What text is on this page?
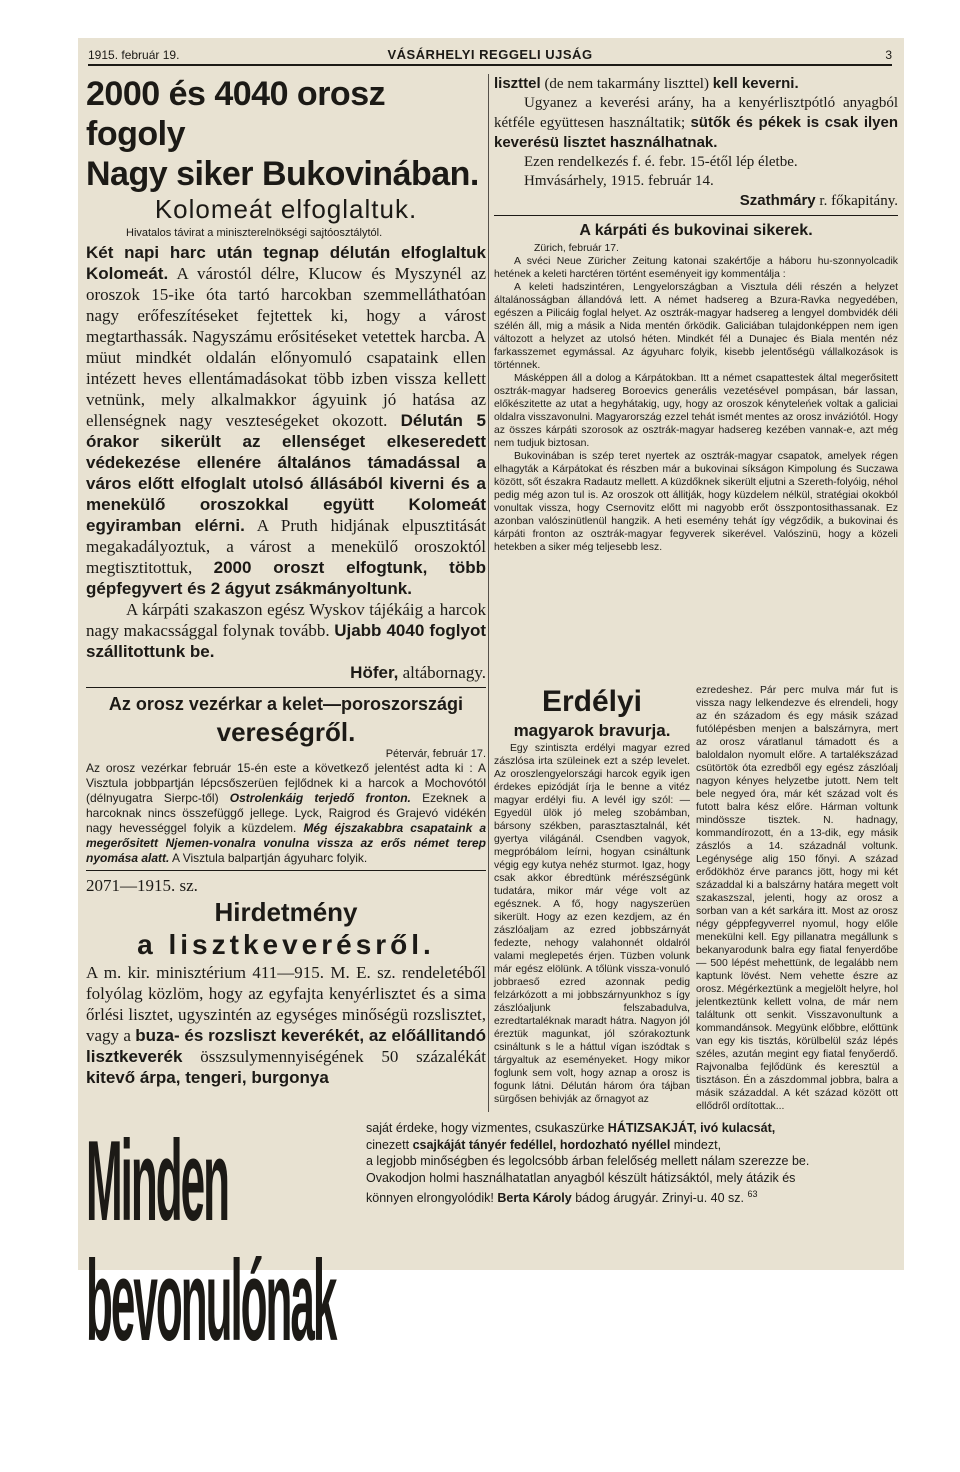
1915. február 19.	VÁSÁRHELYI REGGELI UJSÁG	3
2000 és 4040 orosz fogoly
Nagy siker Bukovinában.
Kolomeát elfoglaltuk.
Hivatalos távirat a miniszterelnökségi sajtóosztálytól.

Két napi harc után tegnap délután elfoglaltuk Kolomeát. A várostól délre, Klucow és Myszynél az oroszok 15-ike óta tartó harcokban szemmelláthatóan nagy erőfeszítéseket fejtettek ki, hogy a várost megtarthassák. Nagyszámu erősitéseket vetettek harcba. A müut mindkét oldalán előnyomuló csapataink ellen intézett heves ellentámadásokat több izben vissza kellett vetnünk, mely alkalmakkor ágyuink jó hatása az ellenségnek nagy veszteségeket okozott. Délután 5 órakor sikerült az ellenséget elkeseredett védekezése ellenére általános támadással a város előtt elfoglalt utolsó állásából kiverni és a menekülő oroszokkal együtt Kolomeát egyiramban elérni. A Pruth hidjának elpusztitását megakadályoztuk, a várost a menekülő oroszoktól megtisztitottuk, 2000 oroszt elfogtunk, több gépfegyvert és 2 ágyut zsákmányoltunk.

A kárpáti szakaszon egész Wyskov tájékáig a harcok nagy makacssággal folynak tovább. Ujabb 4040 foglyot szállitottunk be.

Höfer, altábornagy.

Az orosz vezérkar a kelet—poroszországi
vereségről.
Pétervár, február 17.

Az orosz vezérkar február 15-én este a következő jelentést adta ki : A Visztula jobbpartján lépcsőszerüen fejlődnek ki a harcok a Mochovótól (délnyugatra Sierpc-től) Ostrolenkáig terjedő fronton. Ezeknek a harcoknak nincs összefüggő jellege. Lyck, Raigrod és Grajevó vidékén nagy hevességgel folyik a küzdelem. Még éjszakabbra csapataink a megerősitett Njemen-vonalra vonulna vissza az erős német terep nyomása alatt. A Visztula balpartján ágyuharc folyik.

2071—1915. sz.
Hirdetmény
a lisztkeverésről.

A m. kir. minisztérium 411—915. M. E. sz. rendeletéből folyólag közlöm, hogy az egyfajta kenyérlisztet és a sima őrlési lisztet, ugyszintén az egységes minőségü rozslisztet, vagy a buza- és rozsliszt keverékét, az előállitandó lisztkeverék összsulymennyiségének 50 százalékát kitevő árpa, tengeri, burgonya

liszttel (de nem takarmány liszttel) kell keverni.

Ugyanez a keverési arány, ha a kenyérlisztpótló anyagból kétféle együttesen használtatik; sütők és pékek is csak ilyen keverésü lisztet használhatnak.

Ezen rendelkezés f. é. febr. 15-étől lép életbe.

Hmvásárhely, 1915. február 14.

Szathmáry r. főkapitány.

A kárpáti és bukovinai sikerek.
Zürich, február 17.

A svéci Neue Züricher Zeitung katonai szakértője a háboru hu-szonnyolcadik hetének a keleti harctéren történt eseményeit igy kommentálja :

A keleti hadszintéren, Lengyelországban a Visztula déli részén a helyzet általánosságban állandóvá lett. A német hadsereg a Bzura-Ravka negyedében, egészen a Pilicáig foglal helyet. Az osztrák-magyar hadsereg a lengyel dombvidék déli szélén áll, mig a másik a Nida mentén őrködik. Galiciában tulajdonképpen nem igen változott a helyzet az utolsó héten. Mindkét fél a Dunajec és Biala mentén néz farkasszemet egymással. Az ágyuharc folyik, kisebb jelentőségü vállalkozások is történnek.

Másképpen áll a dolog a Kárpátokban. Itt a német csapattestek által megerősitett osztrák-magyar hadsereg Boroevics generális vezetésével pompásan, bár lassan, előkészitette az utat a hegyhátakig, ugy, hogy az oroszok kényteleńek voltak a galiciai oldalra visszavonulni. Magyarország ezzel tehát ismét mentes az orosz inváziótól. Hogy az összes kárpáti szorosok az osztrák-magyar hadsereg kezében vannak-e, azt még nem tudjuk biztosan.

Bukovinában is szép teret nyertek az osztrák-magyar csapatok, amelyek régen elhagyták a Kárpátokat és részben már a bukovinai síkságon Kimpolung és Suczawa között, sőt északra Radautz mellett. A küzdőknek sikerült eljutni a Szereth-folyóig, néhol pedig még azon tul is. Az oroszok ott állitják, hogy küzdelem nélkül, stratégiai okokból vonultak vissza, hogy Csernovitz előtt mi nagyobb erőt összpontosithassanak. Ez azonban valószinütlenül hangzik. A heti esemény tehát így végződik, a bukovinai és kárpáti fronton az osztrák-magyar fegyverek sikerével. Valószinü, hogy a közeli hetekben a siker még teljesebb lesz.

Erdélyi
magyarok bravurja.

Egy szintiszta erdélyi magyar ezred zászlósa irta szüleinek ezt a szép levelet. Az oroszlengyelországi harcok egyik igen érdekes epizódját írja le benne a vitéz magyar erdélyi fiu. A levél igy szól: — Egyedül ülök jó meleg szobámban, bársony székben, parasztasztalnál, két gyertya világánál. Csendben vagyok, megpróbálom leírni, hogyan csináltunk végig egy kutya nehéz sturmot. Igaz, hogy csak akkor ébredtünk mérészségünk tudatára, mikor már vége volt az egésznek. A fő, hogy nagyszerüen sikerült. Hogy az ezen kezdjem, az én zászlóaljam az ezred jobbszárnyát fedezte, nehogy valahonnét oldalról valami meglepetés érjen. Tüzben volunk már egész elölünk. A tőlünk vissza-vonuló jobbraeső ezred azonnak pedig felzárkózott a mi jobbszárnyunkhoz s így zászlóaljunk felszabadulva, ezredtartaléknak maradt hátra. Nagyon jól éreztük magunkat, jól szórakoztunk csináltunk s le a háttul vígan iszódtak s tárgyaltuk az eseményeket. Hogy mikor foglunk sem volt, hogy aznap a orosz is fogunk látni. Délután három óra tájban sürgősen behivják az őrnagyot az

ezredeshez. Pár perc mulva már fut is vissza nagy lelkendezve és elrendeli, hogy az én századom és egy másik század futólépésben menjen a balszárnyra, mert az orosz váratlanul támadott és a baloldalon nyomult előre. A tartalékszázad csütörtök óta ezredből egy egész zászlóalj nagyon kényes helyzetbe jutott. Nem telt bele negyed óra, már két század volt és futott balra kész előre. Hárman voltunk mindössze tisztek. N. hadnagy, kommandírozott, én a 13-dik, egy másik zászlós a 14. századnál voltunk. Legénysége alig 150 főnyi. A század erődökhöz érve parancs jött, hogy mi két századdal ki a balszárny határa megett volt szakaszszal, jelenti, hogy az orosz a sorban van a két sarkára itt. Most az orosz négy géppfegyverrel nyomul, hogy előle menekülni kell. Egy pillanatra megállunk s bekanyarodunk balra egy fiatal fenyerdőbe — 500 lépést mehettünk, de legalább nem kaptunk lövést. Nem vehette észre az orosz. Mégérkeztünk a megjelölt helyre, hol jelentkeztünk kellett volna, de már nem találtunk ott senkit. Visszavonultunk a kommandánsok. Megyünk előbbre, előttünk van egy kis tisztás, körülbelül száz lépés széles, azután megint egy fiatal fenyőerdő. Rajvonalba fejlődünk és keresztül a tisztáson. Én a zászdommal jobbra, balra a másik századdal. A két század között ott ellődről ordítottak...

Minden bevonulónak
saját érdeke, hogy vizmentes, csukaszürke HÁTIZSAKJÁT, ivó kulacsát,
cinezett csajkáját tányér fedéllel, hordozható nyéllel mindezt,
a legjobb minőségben és legolcsóbb árban felelőség mellett nálam szerezze be.
Ovakodjon holmi használhatatlan anyagból készült hátizsáktól, mely átázik és
könnyen elrongyolódik! Berta Károly bádog árugyár. Zrinyi-u. 40 sz. $^{63}$
